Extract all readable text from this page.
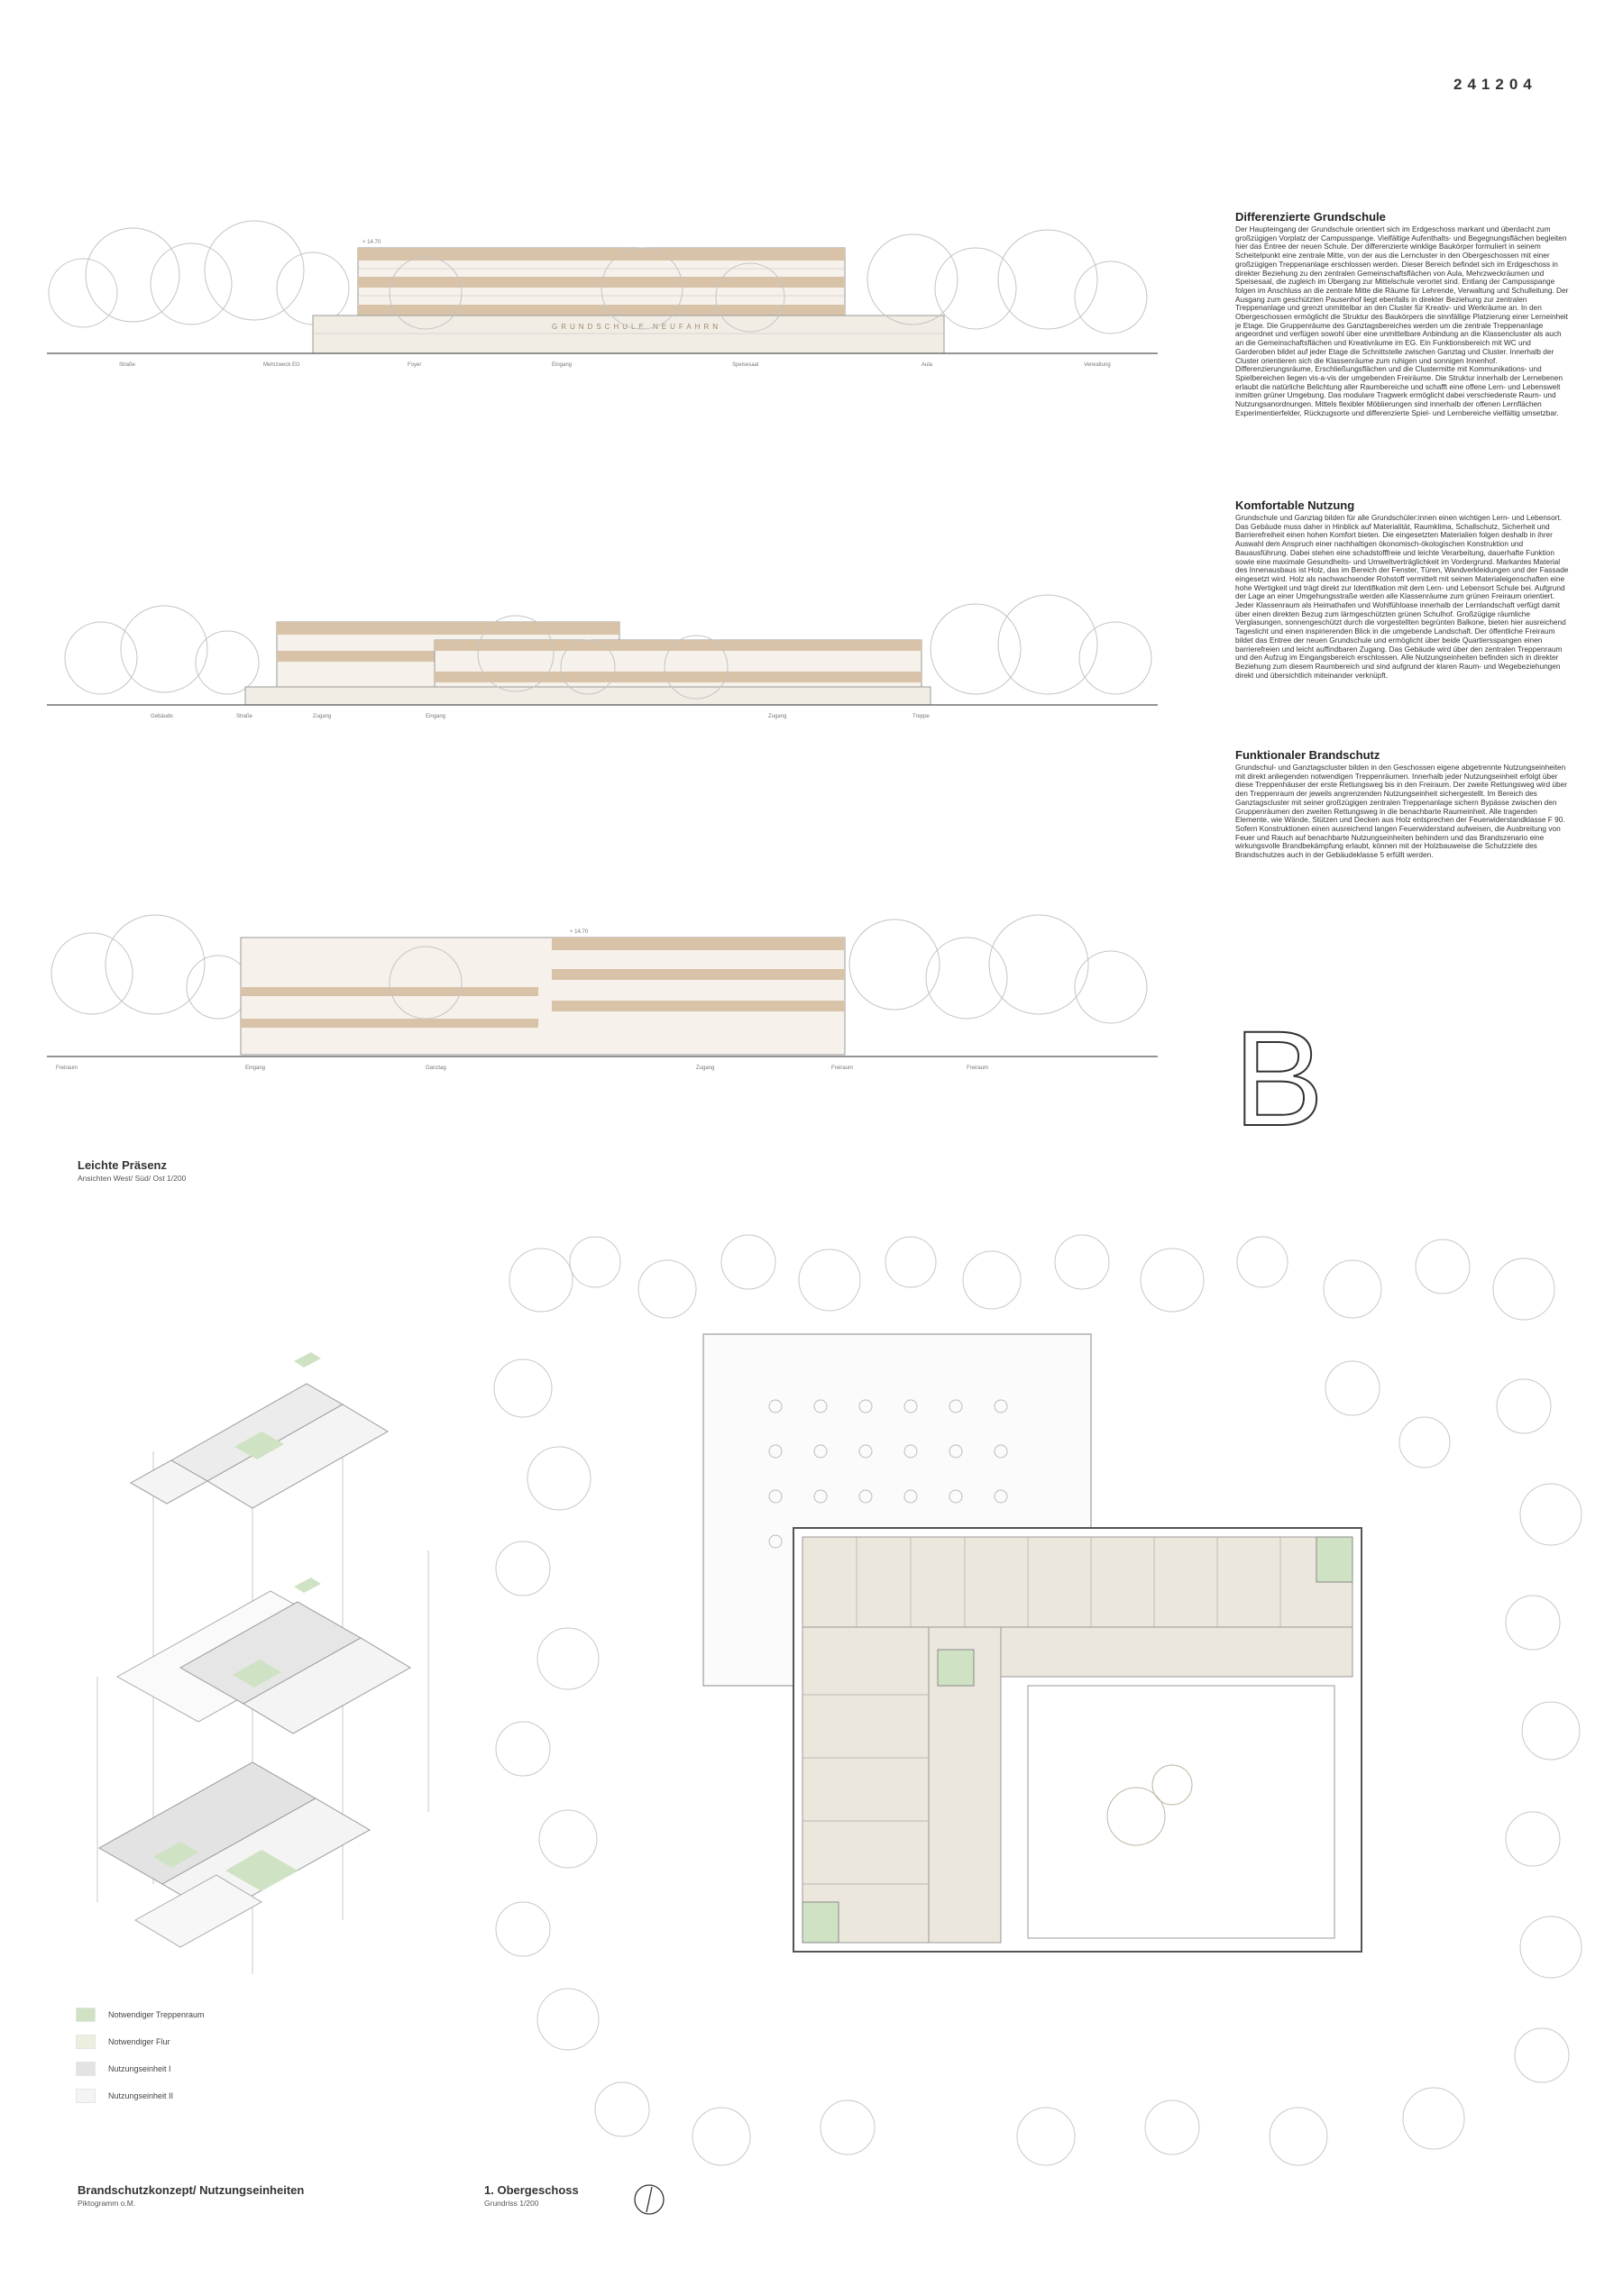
241204
Differenzierte Grundschule

Der Haupteingang der Grundschule orientiert sich im Erdgeschoss markant und überdacht zum großzügigen Vorplatz der Campusspange. Vielfältige Aufenthalts- und Begegnungsflächen begleiten hier das Entree der neuen Schule. Der differenzierte winklige Baukörper formuliert in seinem Scheitelpunkt eine zentrale Mitte, von der aus die Lerncluster in den Obergeschossen mit einer großzügigen Treppenanlage erschlossen werden. Dieser Bereich befindet sich im Erdgeschoss in direkter Beziehung zu den zentralen Gemeinschaftsflächen von Aula, Mehrzweckräumen und Speisesaal, die zugleich im Übergang zur Mittelschule verortet sind. Entlang der Campusspange folgen im Anschluss an die zentrale Mitte die Räume für Lehrende, Verwaltung und Schulleitung. Der Ausgang zum geschützten Pausenhof liegt ebenfalls in direkter Beziehung zur zentralen Treppenanlage und grenzt unmittelbar an den Cluster für Kreativ- und Werkräume an. In den Obergeschossen ermöglicht die Struktur des Baukörpers die sinnfällige Platzierung einer Lerneinheit je Etage. Die Gruppenräume des Ganztagsbereiches werden um die zentrale Treppenanlage angeordnet und verfügen sowohl über eine unmittelbare Anbindung an die Klassencluster als auch an die Gemeinschaftsflächen und Kreativräume im EG. Ein Funktionsbereich mit WC und Garderoben bildet auf jeder Etage die Schnittstelle zwischen Ganztag und Cluster. Innerhalb der Cluster orientieren sich die Klassenräume zum ruhigen und sonnigen Innenhof. Differenzierungsräume, Erschließungsflächen und die Clustermitte mit Kommunikations- und Spielbereichen liegen vis-a-vis der umgebenden Freiräume. Die Struktur innerhalb der Lernebenen erlaubt die natürliche Belichtung aller Raumbereiche und schafft eine offene Lern- und Lebenswelt inmitten grüner Umgebung. Das modulare Tragwerk ermöglicht dabei verschiedenste Raum- und Nutzungsanordnungen. Mittels flexibler Möblierungen sind innerhalb der offenen Lernflächen Experimentierfelder, Rückzugsorte und differenzierte Spiel- und Lernbereiche vielfältig umsetzbar.

Komfortable Nutzung

Grundschule und Ganztag bilden für alle Grundschüler:innen einen wichtigen Lern- und Lebensort. Das Gebäude muss daher in Hinblick auf Materialität, Raumklima, Schallschutz, Sicherheit und Barrierefreiheit einen hohen Komfort bieten. Die eingesetzten Materialien folgen deshalb in ihrer Auswahl dem Anspruch einer nachhaltigen ökonomisch-ökologischen Konstruktion und Bauausführung. Dabei stehen eine schadstofffreie und leichte Verarbeitung, dauerhafte Funktion sowie eine maximale Gesundheits- und Umweltverträglichkeit im Vordergrund. Markantes Material des Innenausbaus ist Holz, das im Bereich der Fenster, Türen, Wandverkleidungen und der Fassade eingesetzt wird. Holz als nachwachsender Rohstoff vermittelt mit seinen Materialeigenschaften eine hohe Wertigkeit und trägt direkt zur Identifikation mit dem Lern- und Lebensort Schule bei. Aufgrund der Lage an einer Umgehungsstraße werden alle Klassenräume zum grünen Freiraum orientiert. Jeder Klassenraum als Heimathafen und Wohlfühloase innerhalb der Lernlandschaft verfügt damit über einen direkten Bezug zum lärmgeschützten grünen Schulhof. Großzügige räumliche Verglasungen, sonnengeschützt durch die vorgestellten begrünten Balkone, bieten hier ausreichend Tageslicht und einen inspirierenden Blick in die umgebende Landschaft. Der öffentliche Freiraum bildet das Entree der neuen Grundschule und ermöglicht über beide Quartiersspangen einen barrierefreien und leicht auffindbaren Zugang. Das Gebäude wird über den zentralen Treppenraum und den Aufzug im Eingangsbereich erschlossen. Alle Nutzungseinheiten befinden sich in direkter Beziehung zum diesem Raumbereich und sind aufgrund der klaren Raum- und Wegebeziehungen direkt und übersichtlich miteinander verknüpft.

Funktionaler Brandschutz

Grundschul- und Ganztagscluster bilden in den Geschossen eigene abgetrennte Nutzungseinheiten mit direkt anliegenden notwendigen Treppenräumen. Innerhalb jeder Nutzungseinheit erfolgt über diese Treppenhäuser der erste Rettungsweg bis in den Freiraum. Der zweite Rettungsweg wird über den Treppenraum der jeweils angrenzenden Nutzungseinheit sichergestellt. Im Bereich des Ganztagscluster mit seiner großzügigen zentralen Treppenanlage sichern Bypässe zwischen den Gruppenräumen den zweiten Rettungsweg in die benachbarte Raumeinheit. Alle tragenden Elemente, wie Wände, Stützen und Decken aus Holz entsprechen der Feuerwiderstandklasse F 90. Sofern Konstruktionen einen ausreichend langen Feuerwiderstand aufweisen, die Ausbreitung von Feuer und Rauch auf benachbarte Nutzungseinheiten behindern und das Brandszenario eine wirkungsvolle Brandbekämpfung erlaubt, können mit der Holzbauweise die Schutzziele des Brandschutzes auch in der Gebäudeklasse 5 erfüllt werden.

GRUNDSCHULE NEUFAHRN
+ 14.70
Straße	Mehrzweck EG	Foyer	Eingang	Speisesaal	Aula	Verwaltung
Gebäude	Straße	Zugang	Eingang	Zugang	Treppe
+ 14.70
Freiraum	Eingang	Ganztag	Zugang	Freiraum	Freiraum B
Leichte Präsenz
Ansichten West/ Süd/ Ost 1/200
Notwendiger Treppenraum
Notwendiger Flur
Nutzungseinheit I
Nutzungseinheit II
Brandschutzkonzept/ Nutzungseinheiten
Piktogramm o.M.
1. Obergeschoss
Grundriss 1/200
